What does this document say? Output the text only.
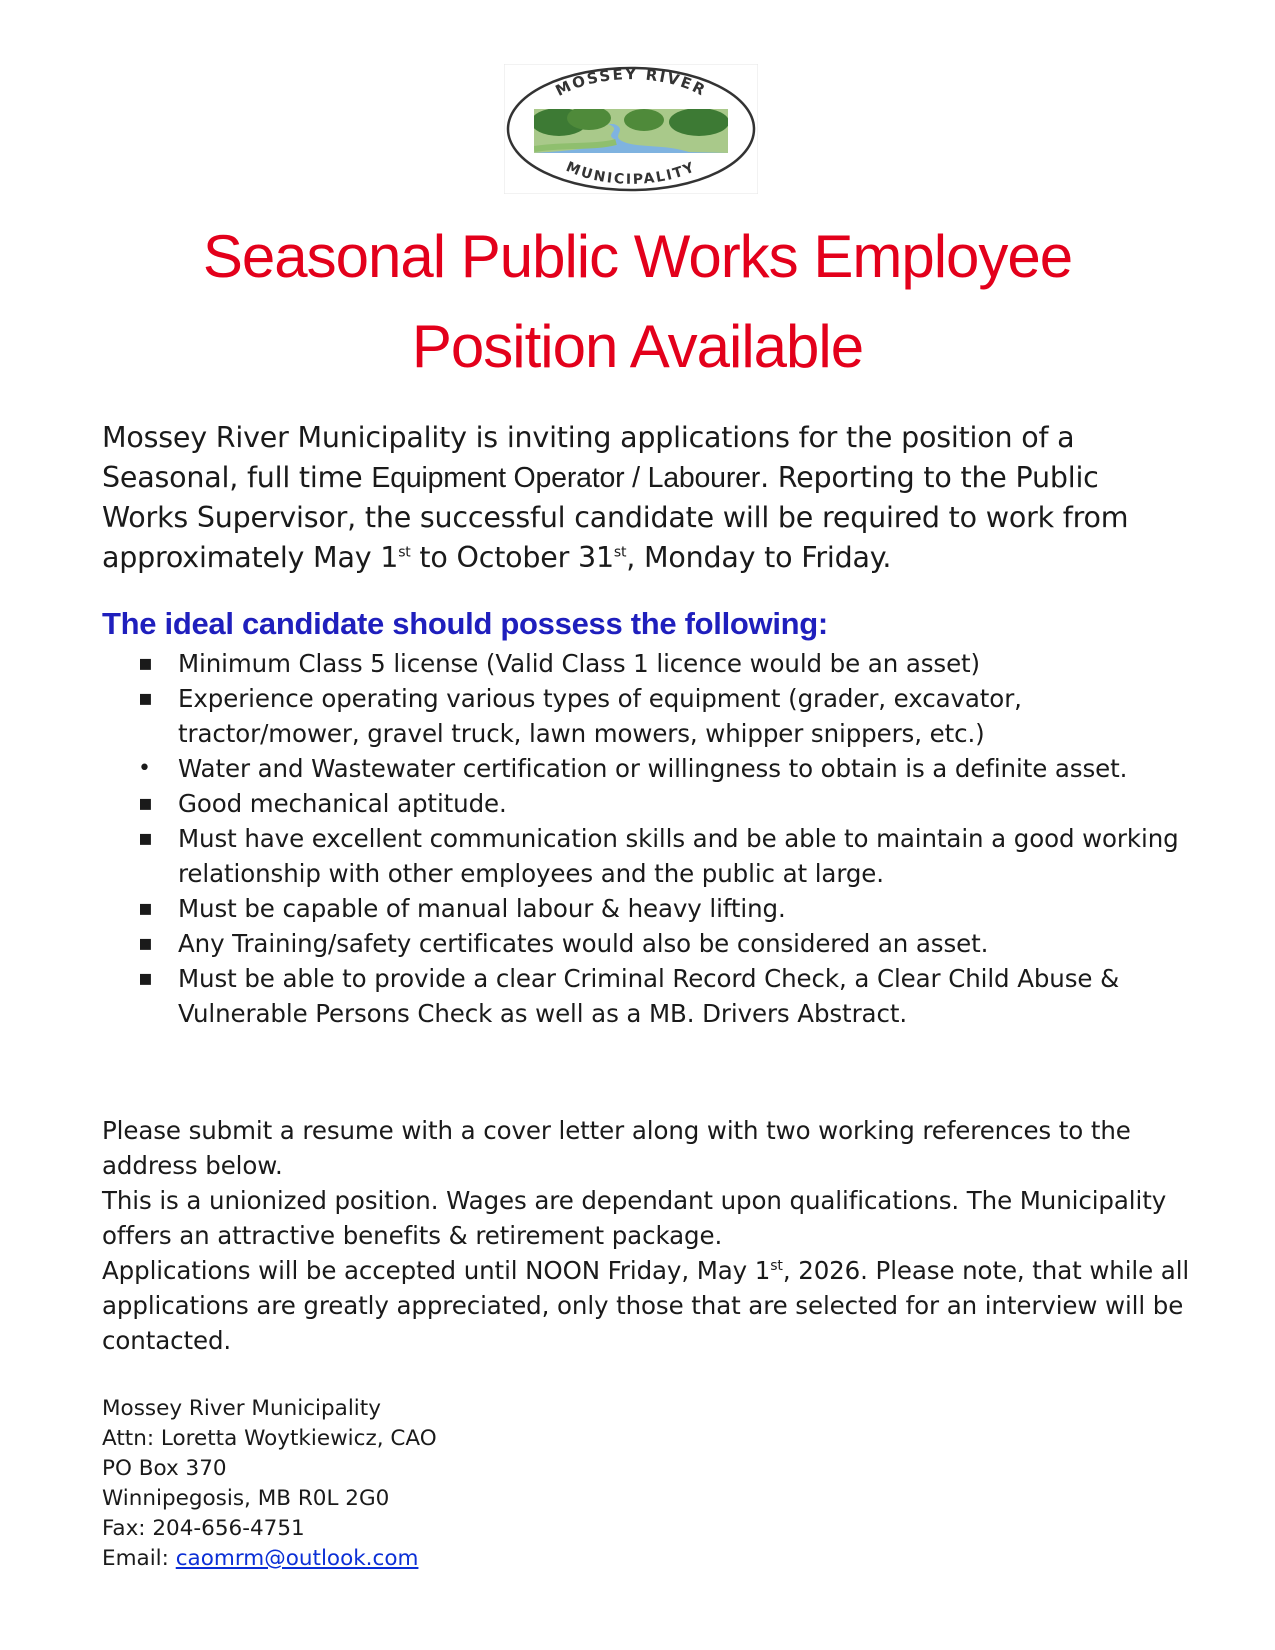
MOSSEY RIVER
MUNICIPALITY
Seasonal Public Works Employee
Position Available
Mossey River Municipality is inviting applications for the position of a Seasonal, full time Equipment Operator / Labourer. Reporting to the Public Works Supervisor, the successful candidate will be required to work from approximately May 1st to October 31st, Monday to Friday.
The ideal candidate should possess the following:
▪ Minimum Class 5 license (Valid Class 1 licence would be an asset)
▪ Experience operating various types of equipment (grader, excavator, tractor/mower, gravel truck, lawn mowers, whipper snippers, etc.)
• Water and Wastewater certification or willingness to obtain is a definite asset.
▪ Good mechanical aptitude.
▪ Must have excellent communication skills and be able to maintain a good working relationship with other employees and the public at large.
▪ Must be capable of manual labour & heavy lifting.
▪ Any Training/safety certificates would also be considered an asset.
▪ Must be able to provide a clear Criminal Record Check, a Clear Child Abuse & Vulnerable Persons Check as well as a MB. Drivers Abstract.

Please submit a resume with a cover letter along with two working references to the address below.

This is a unionized position. Wages are dependant upon qualifications. The Municipality offers an attractive benefits & retirement package.

Applications will be accepted until NOON Friday, May 1st, 2026. Please note, that while all applications are greatly appreciated, only those that are selected for an interview will be contacted.

Mossey River Municipality
Attn: Loretta Woytkiewicz, CAO
PO Box 370
Winnipegosis, MB R0L 2G0
Fax: 204-656-4751
Email: caomrm@outlook.com
